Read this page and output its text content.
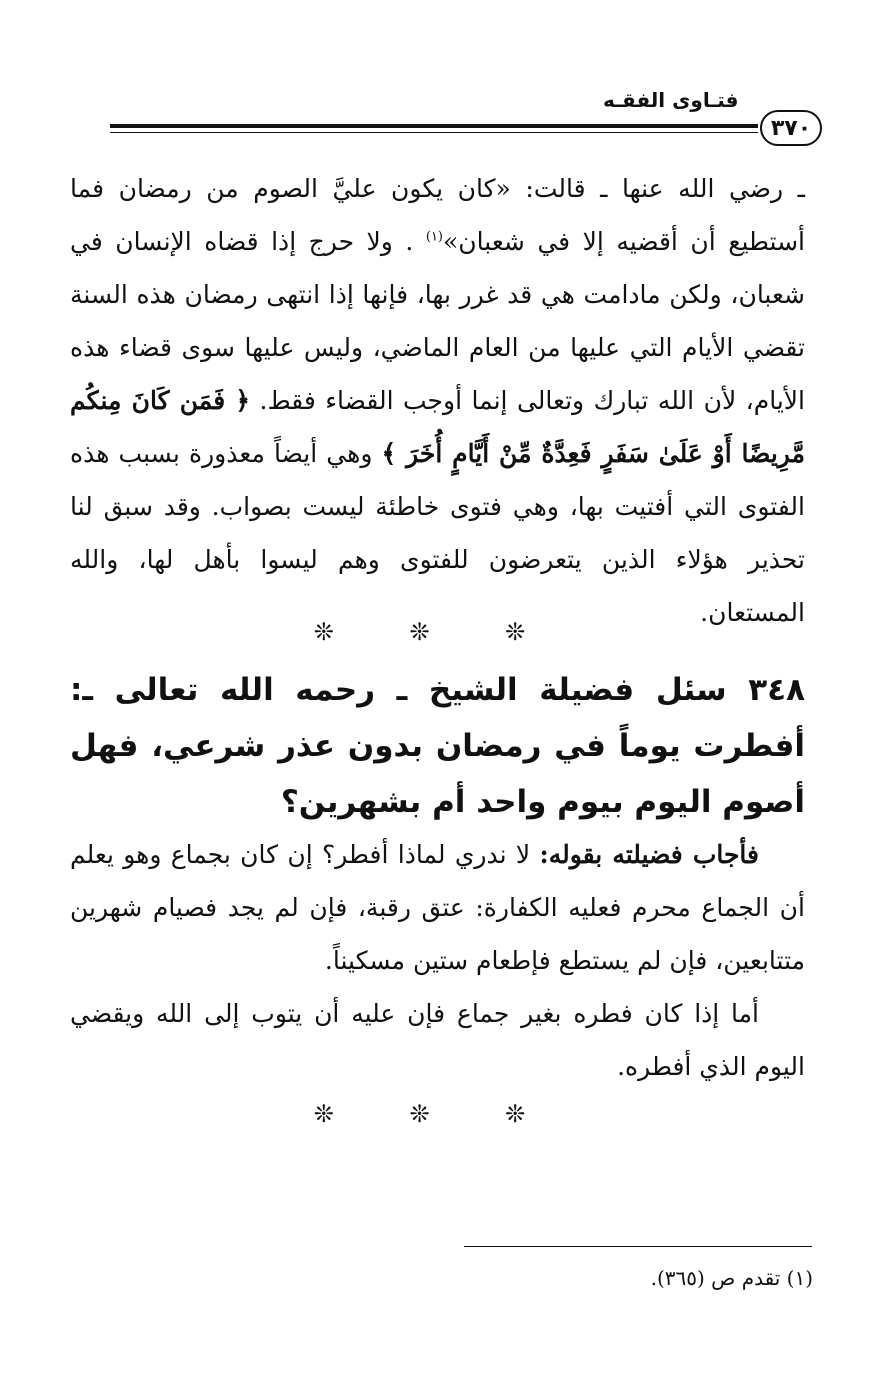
فتـاوى الفقـه
٣٧٠

ـ رضي الله عنها ـ قالت: «كان يكون عليَّ الصوم من رمضان فما أستطيع أن أقضيه إلا في شعبان»$^{(١)}$ . ولا حرج إذا قضاه الإنسان في شعبان، ولكن مادامت هي قد غرر بها، فإنها إذا انتهى رمضان هذه السنة تقضي الأيام التي عليها من العام الماضي، وليس عليها سوى قضاء هذه الأيام، لأن الله تبارك وتعالى إنما أوجب القضاء فقط. ﴿ فَمَن كَانَ مِنكُم مَّرِيضًا أَوْ عَلَىٰ سَفَرٍ فَعِدَّةٌ مِّنْ أَيَّامٍ أُخَرَ ﴾ وهي أيضاً معذورة بسبب هذه الفتوى التي أفتيت بها، وهي فتوى خاطئة ليست بصواب. وقد سبق لنا تحذير هؤلاء الذين يتعرضون للفتوى وهم ليسوا بأهل لها، والله المستعان.

❊ ❊ ❊

٣٤٨ سئل فضيلة الشيخ ـ رحمه الله تعالى ـ: أفطرت يوماً في رمضان بدون عذر شرعي، فهل أصوم اليوم بيوم واحد أم بشهرين؟

فأجاب فضيلته بقوله: لا ندري لماذا أفطر؟ إن كان بجماع وهو يعلم أن الجماع محرم فعليه الكفارة: عتق رقبة، فإن لم يجد فصيام شهرين متتابعين، فإن لم يستطع فإطعام ستين مسكيناً.

أما إذا كان فطره بغير جماع فإن عليه أن يتوب إلى الله ويقضي اليوم الذي أفطره.

❊ ❊ ❊
(١) تقدم ص (٣٦٥).
